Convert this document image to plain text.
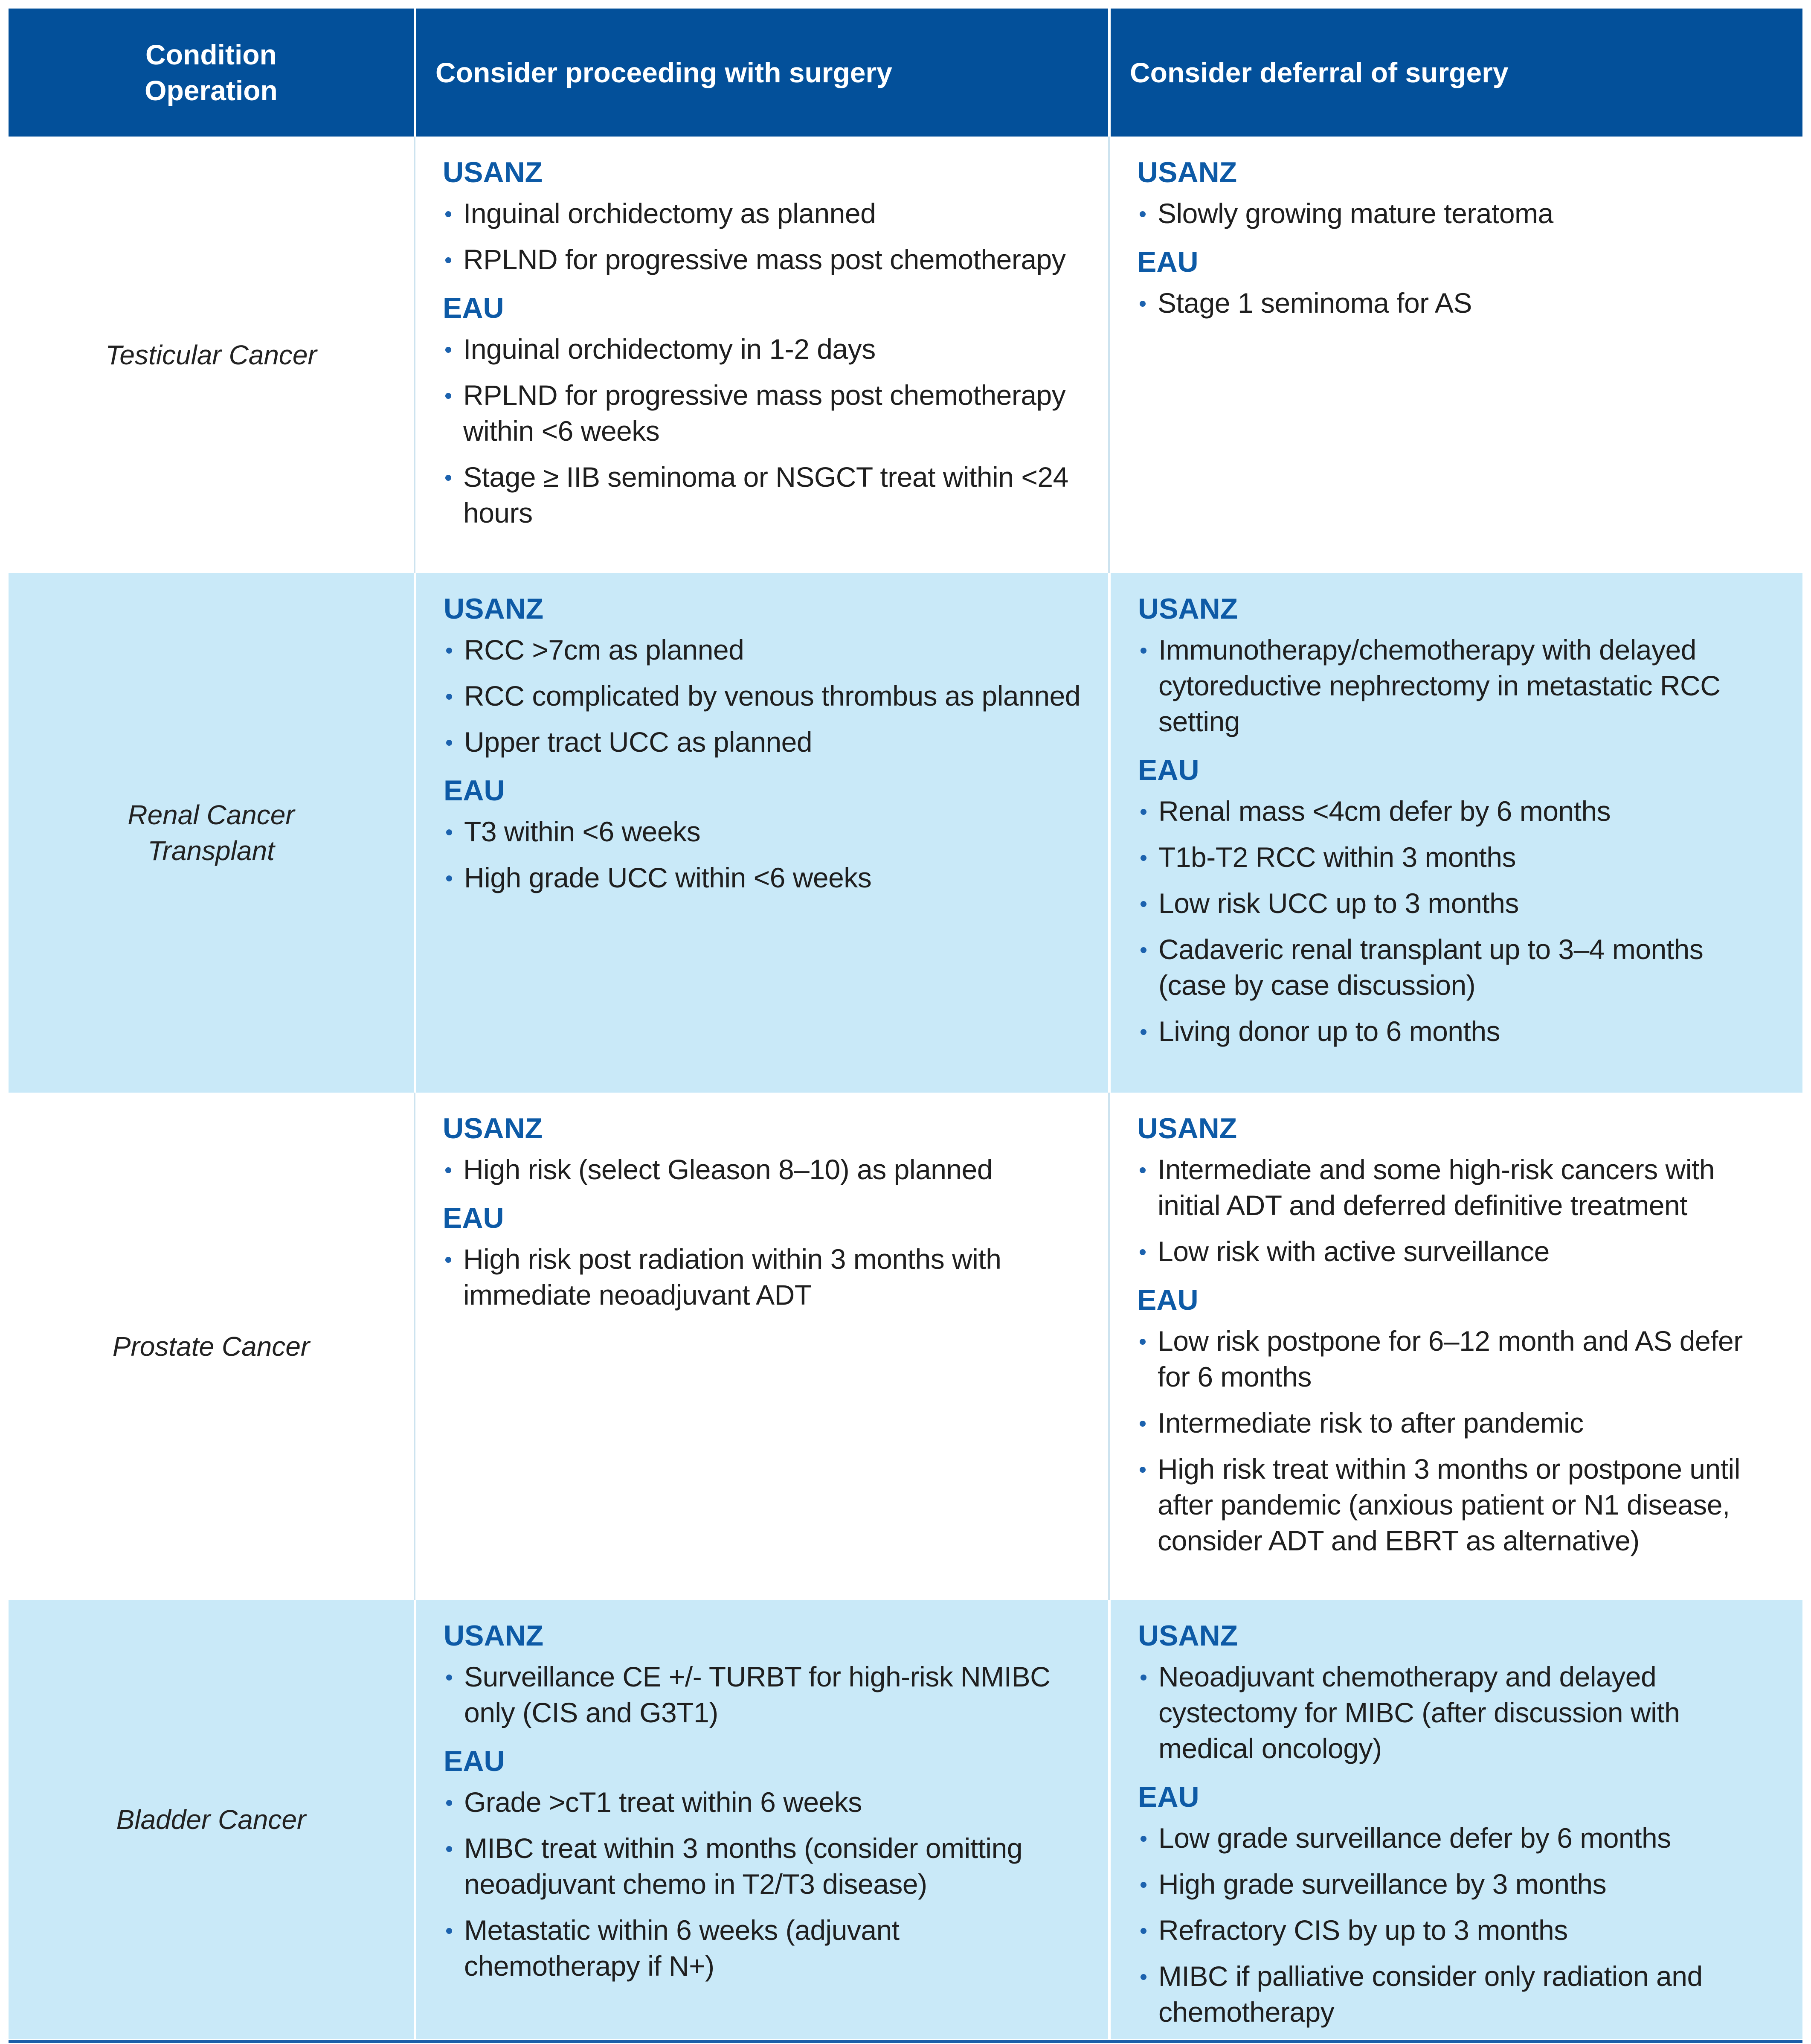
Condition
Operation
Consider proceeding with surgery	Consider deferral of surgery
Testicular Cancer
USANZ
Inguinal orchidectomy as planned
RPLND for progressive mass post chemotherapy
EAU
Inguinal orchidectomy in 1-2 days
RPLND for progressive mass post chemotherapy within <6 weeks
Stage ≥ IIB seminoma or NSGCT treat within <24 hours
USANZ
Slowly growing mature teratoma
EAU
Stage 1 seminoma for AS
Renal Cancer
Transplant
USANZ
RCC >7cm as planned
RCC complicated by venous thrombus as planned
Upper tract UCC as planned
EAU
T3 within <6 weeks
High grade UCC within <6 weeks
USANZ
Immunotherapy/chemotherapy with delayed cytoreductive nephrectomy in metastatic RCC setting
EAU
Renal mass <4cm defer by 6 months
T1b-T2 RCC within 3 months
Low risk UCC up to 3 months
Cadaveric renal transplant up to 3–4 months (case by case discussion)
Living donor up to 6 months
Prostate Cancer
USANZ
High risk (select Gleason 8–10) as planned
EAU
High risk post radiation within 3 months with immediate neoadjuvant ADT
USANZ
Intermediate and some high-risk cancers with initial ADT and deferred definitive treatment
Low risk with active surveillance
EAU
Low risk postpone for 6–12 month and AS defer for 6 months
Intermediate risk to after pandemic
High risk treat within 3 months or postpone until after pandemic (anxious patient or N1 disease, consider ADT and EBRT as alternative)
Bladder Cancer
USANZ
Surveillance CE +/- TURBT for high-risk NMIBC only (CIS and G3T1)
EAU
Grade >cT1 treat within 6 weeks
MIBC treat within 3 months (consider omitting neoadjuvant chemo in T2/T3 disease)
Metastatic within 6 weeks (adjuvant chemotherapy if N+)
USANZ
Neoadjuvant chemotherapy and delayed cystectomy for MIBC (after discussion with medical oncology)
EAU
Low grade surveillance defer by 6 months
High grade surveillance by 3 months
Refractory CIS by up to 3 months
MIBC if palliative consider only radiation and chemotherapy
